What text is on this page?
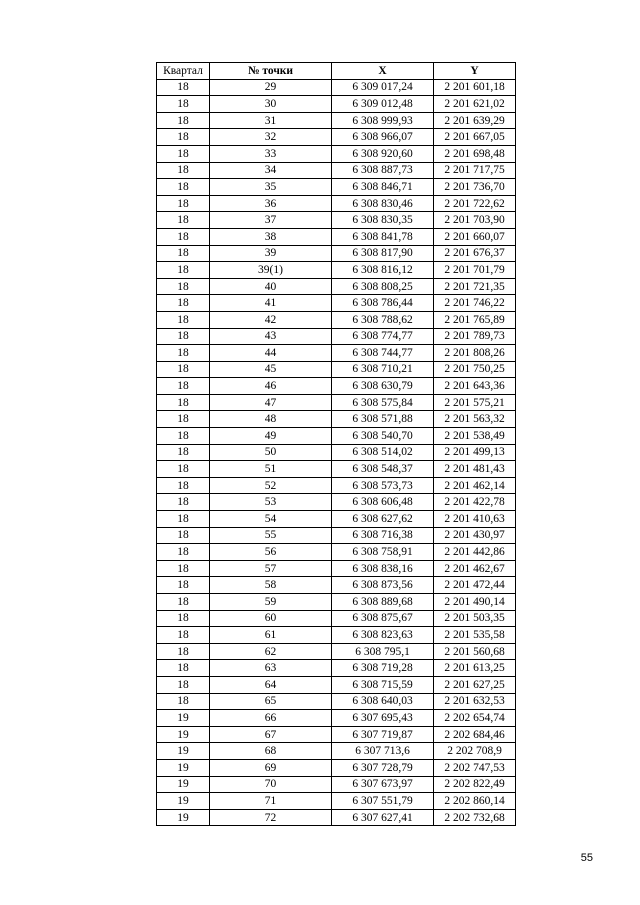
Квартал	№ точки	X	Y
18	29	6 309 017,24	2 201 601,18
18	30	6 309 012,48	2 201 621,02
18	31	6 308 999,93	2 201 639,29
18	32	6 308 966,07	2 201 667,05
18	33	6 308 920,60	2 201 698,48
18	34	6 308 887,73	2 201 717,75
18	35	6 308 846,71	2 201 736,70
18	36	6 308 830,46	2 201 722,62
18	37	6 308 830,35	2 201 703,90
18	38	6 308 841,78	2 201 660,07
18	39	6 308 817,90	2 201 676,37
18	39(1)	6 308 816,12	2 201 701,79
18	40	6 308 808,25	2 201 721,35
18	41	6 308 786,44	2 201 746,22
18	42	6 308 788,62	2 201 765,89
18	43	6 308 774,77	2 201 789,73
18	44	6 308 744,77	2 201 808,26
18	45	6 308 710,21	2 201 750,25
18	46	6 308 630,79	2 201 643,36
18	47	6 308 575,84	2 201 575,21
18	48	6 308 571,88	2 201 563,32
18	49	6 308 540,70	2 201 538,49
18	50	6 308 514,02	2 201 499,13
18	51	6 308 548,37	2 201 481,43
18	52	6 308 573,73	2 201 462,14
18	53	6 308 606,48	2 201 422,78
18	54	6 308 627,62	2 201 410,63
18	55	6 308 716,38	2 201 430,97
18	56	6 308 758,91	2 201 442,86
18	57	6 308 838,16	2 201 462,67
18	58	6 308 873,56	2 201 472,44
18	59	6 308 889,68	2 201 490,14
18	60	6 308 875,67	2 201 503,35
18	61	6 308 823,63	2 201 535,58
18	62	6 308 795,1	2 201 560,68
18	63	6 308 719,28	2 201 613,25
18	64	6 308 715,59	2 201 627,25
18	65	6 308 640,03	2 201 632,53
19	66	6 307 695,43	2 202 654,74
19	67	6 307 719,87	2 202 684,46
19	68	6 307 713,6	2 202 708,9
19	69	6 307 728,79	2 202 747,53
19	70	6 307 673,97	2 202 822,49
19	71	6 307 551,79	2 202 860,14
19	72	6 307 627,41	2 202 732,68
55
